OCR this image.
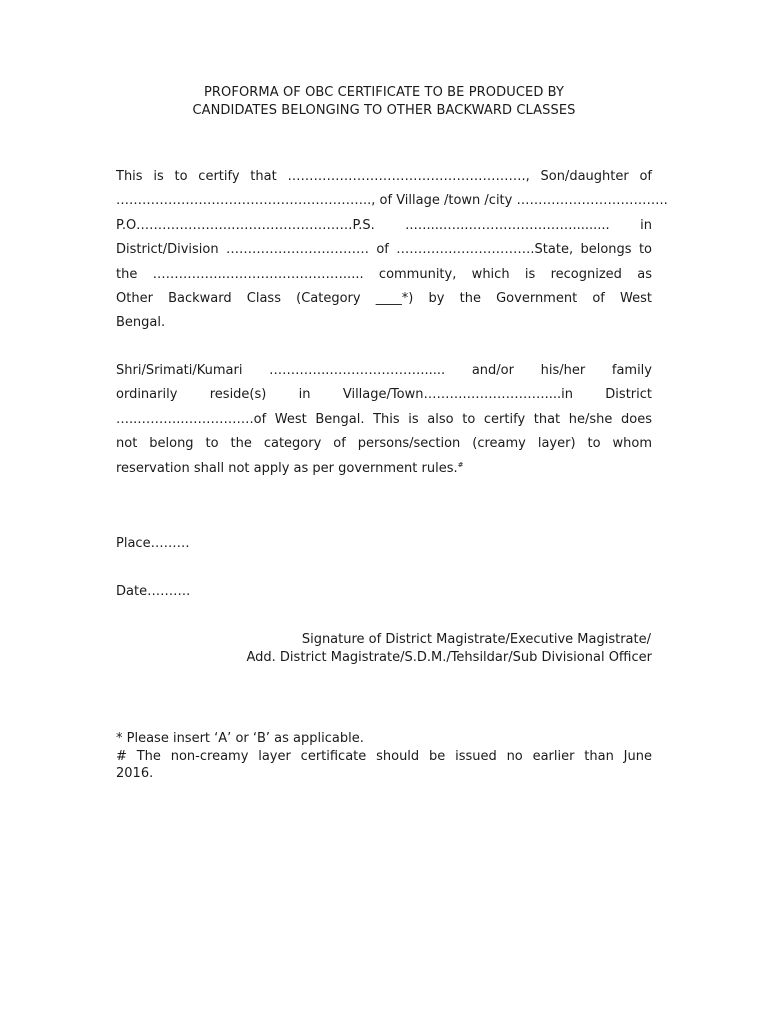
PROFORMA OF OBC CERTIFICATE TO BE PRODUCED BY
CANDIDATES BELONGING TO OTHER BACKWARD CLASSES
This is to certify that ………………………………………………., Son/daughter of
………………………………………………….., of Village /town /city ……………………………..
P.O…………………..………………………P.S. ..…....…...……………………......... in
District/Division …………………………… of ………….……………….State, belongs to
the ……………..………………………..... community, which is recognized as
Other Backward Class (Category ____*) by the Government of West
Bengal.
Shri/Srimati/Kumari …………..…………………...... and/or his/her family
ordinarily reside(s) in Village/Town……….………………....in District
…..………..…………….of West Bengal. This is also to certify that he/she does
not belong to the category of persons/section (creamy layer) to whom
reservation shall not apply as per government rules.#
Place………
Date……….
Signature of District Magistrate/Executive Magistrate/
Add. District Magistrate/S.D.M./Tehsildar/Sub Divisional Officer
* Please insert ‘A’ or ‘B’ as applicable.
# The non-creamy layer certificate should be issued no earlier than June
2016.
